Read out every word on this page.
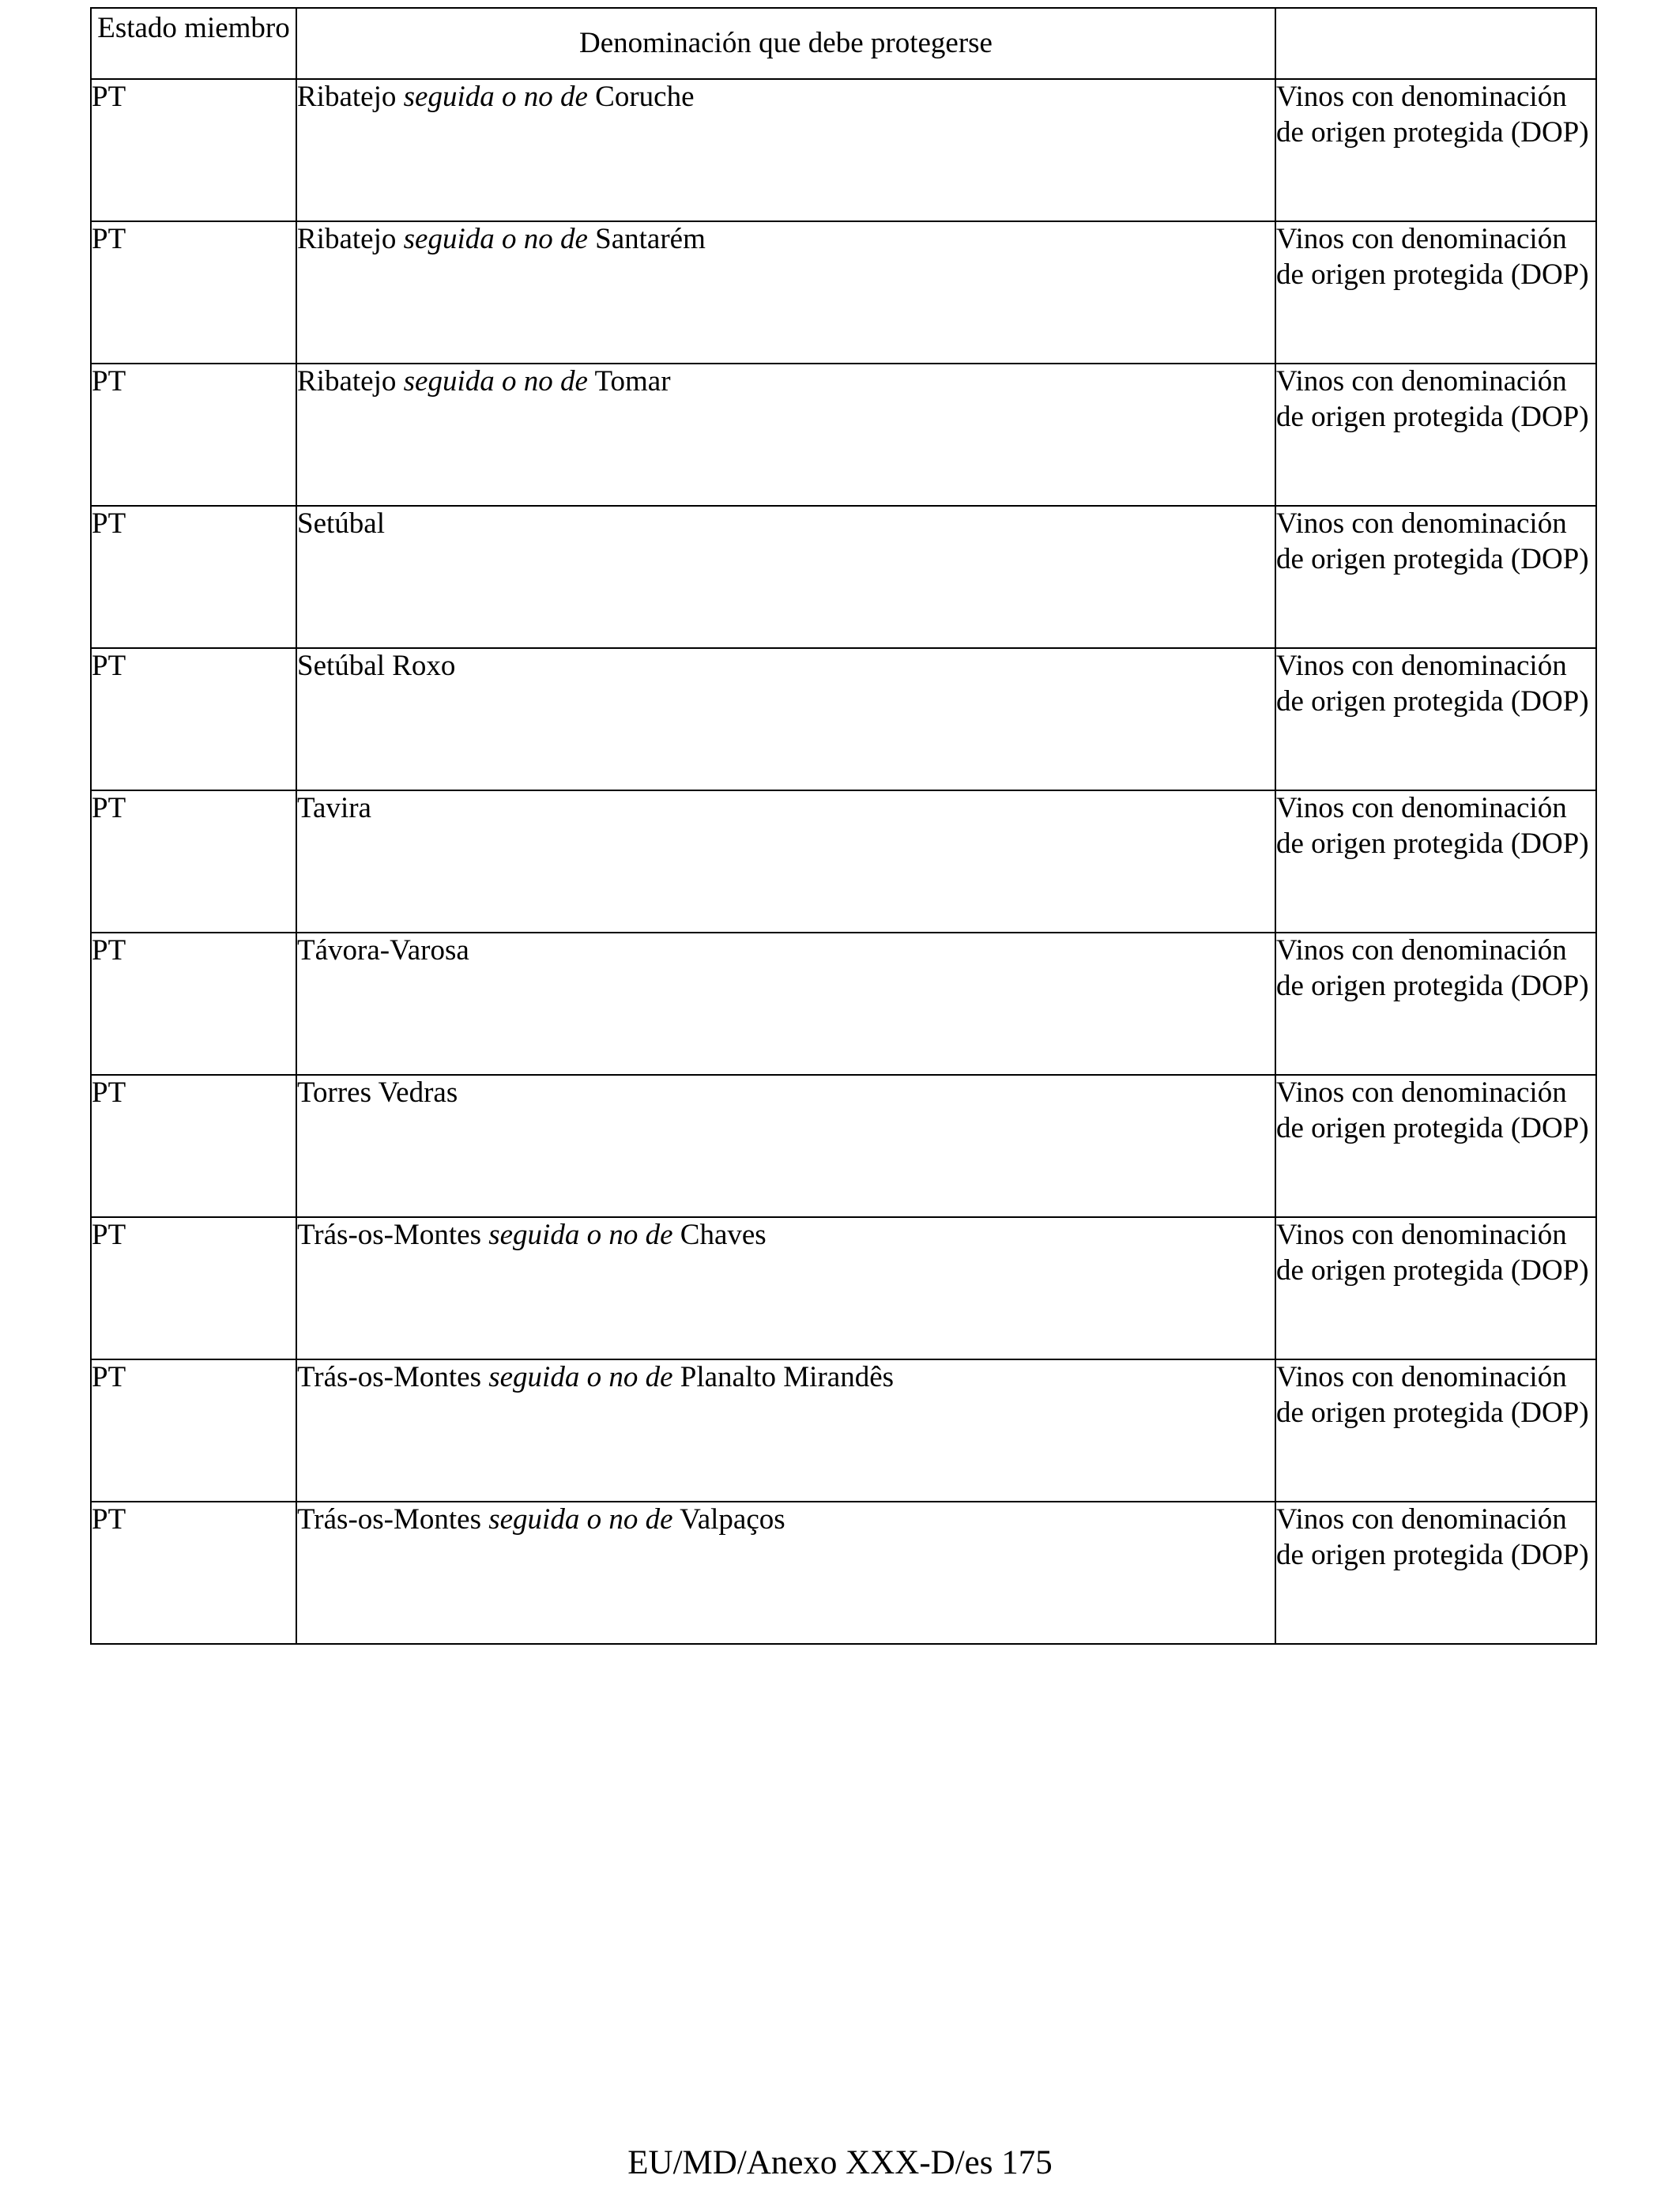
Estado miembro	Denominación que debe protegerse	
PT	Ribatejo seguida o no de Coruche	Vinos con denominación de origen protegida (DOP)
PT	Ribatejo seguida o no de Santarém	Vinos con denominación de origen protegida (DOP)
PT	Ribatejo seguida o no de Tomar	Vinos con denominación de origen protegida (DOP)
PT	Setúbal	Vinos con denominación de origen protegida (DOP)
PT	Setúbal Roxo	Vinos con denominación de origen protegida (DOP)
PT	Tavira	Vinos con denominación de origen protegida (DOP)
PT	Távora-Varosa	Vinos con denominación de origen protegida (DOP)
PT	Torres Vedras	Vinos con denominación de origen protegida (DOP)
PT	Trás-os-Montes seguida o no de Chaves	Vinos con denominación de origen protegida (DOP)
PT	Trás-os-Montes seguida o no de Planalto Mirandês	Vinos con denominación de origen protegida (DOP)
PT	Trás-os-Montes seguida o no de Valpaços	Vinos con denominación de origen protegida (DOP)
EU/MD/Anexo XXX-D/es 175
